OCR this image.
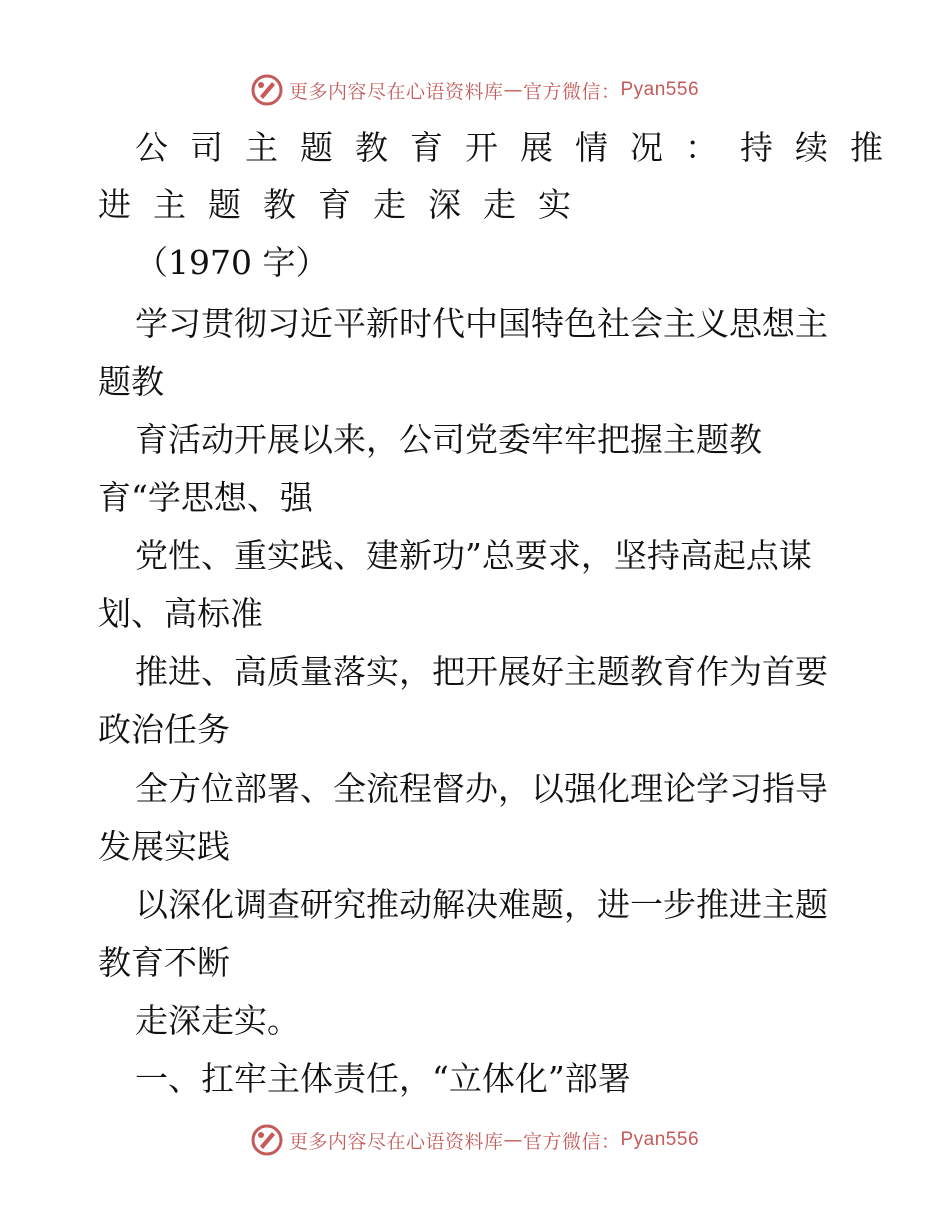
更多内容尽在心语资料库 — 官方微信： Pyan556
公司主题教育开展情况：持续推
进主题教育走深走实
（1970 字）
学习贯彻习近平新时代中国特色社会主义思想主
题教
育活动开展以来，公司党委牢牢把握主题教
育“学思想、强
党性、重实践、建新功”总要求，坚持高起点谋
划、高标准
推进、高质量落实，把开展好主题教育作为首要
政治任务
全方位部署、全流程督办，以强化理论学习指导
发展实践
以深化调查研究推动解决难题，进一步推进主题
教育不断
走深走实。
一、扛牢主体责任，“立体化”部署
更多内容尽在心语资料库 — 官方微信： Pyan556
